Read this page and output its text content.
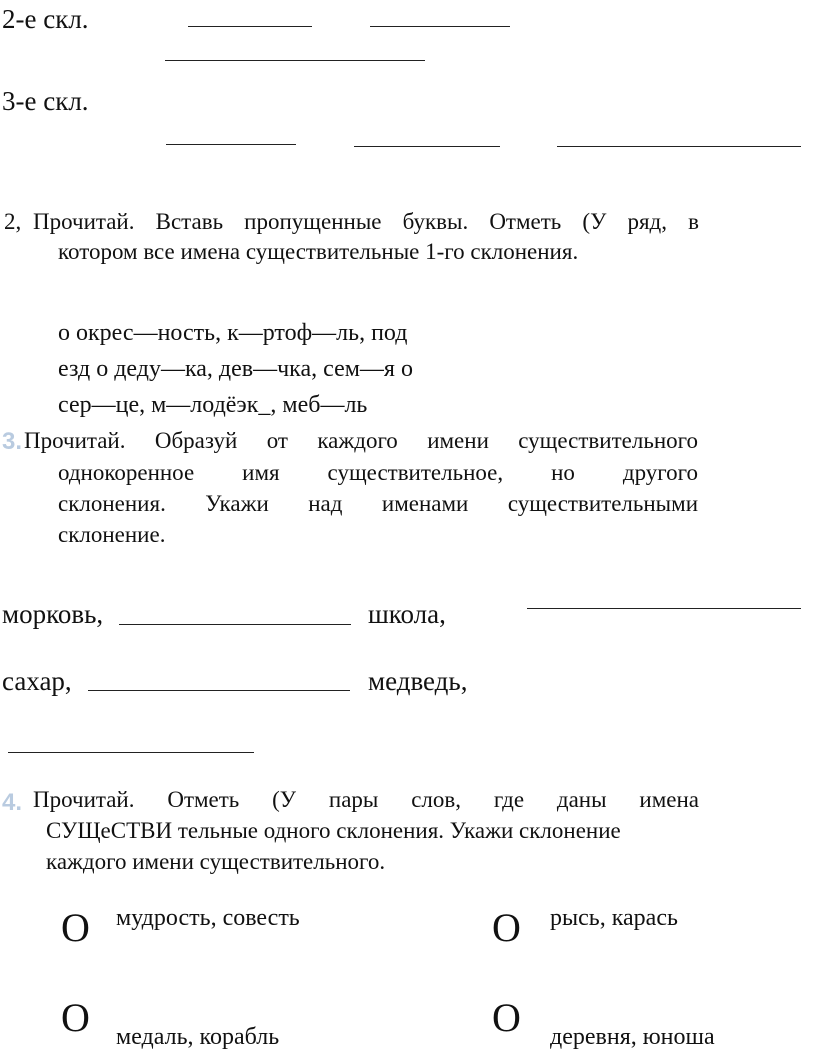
2-е скл.
3-е скл.
2, Прочитай. Вставь пропущенные буквы. Отметь (У ряд, в
котором все имена существительные 1-го склонения.
о окрес—ность, к—ртоф—ль, под
езд о деду—ка, дев—чка, сем—я о
сер—це, м—лодёэк_, меб—ль
3. Прочитай. Образуй от каждого имени существительного
однокоренное имя существительное, но другого
склонения. Укажи над именами существительными
склонение.
морковь,	школа,
сахар,	медведь,
4. Прочитай. Отметь (У пары слов, где даны имена
СУЩеСТВИ тельные одного склонения. Укажи склонение
каждого имени существительного.
O мудрость, совесть	O рысь, карась
O медаль, корабль	O деревня, юноша
